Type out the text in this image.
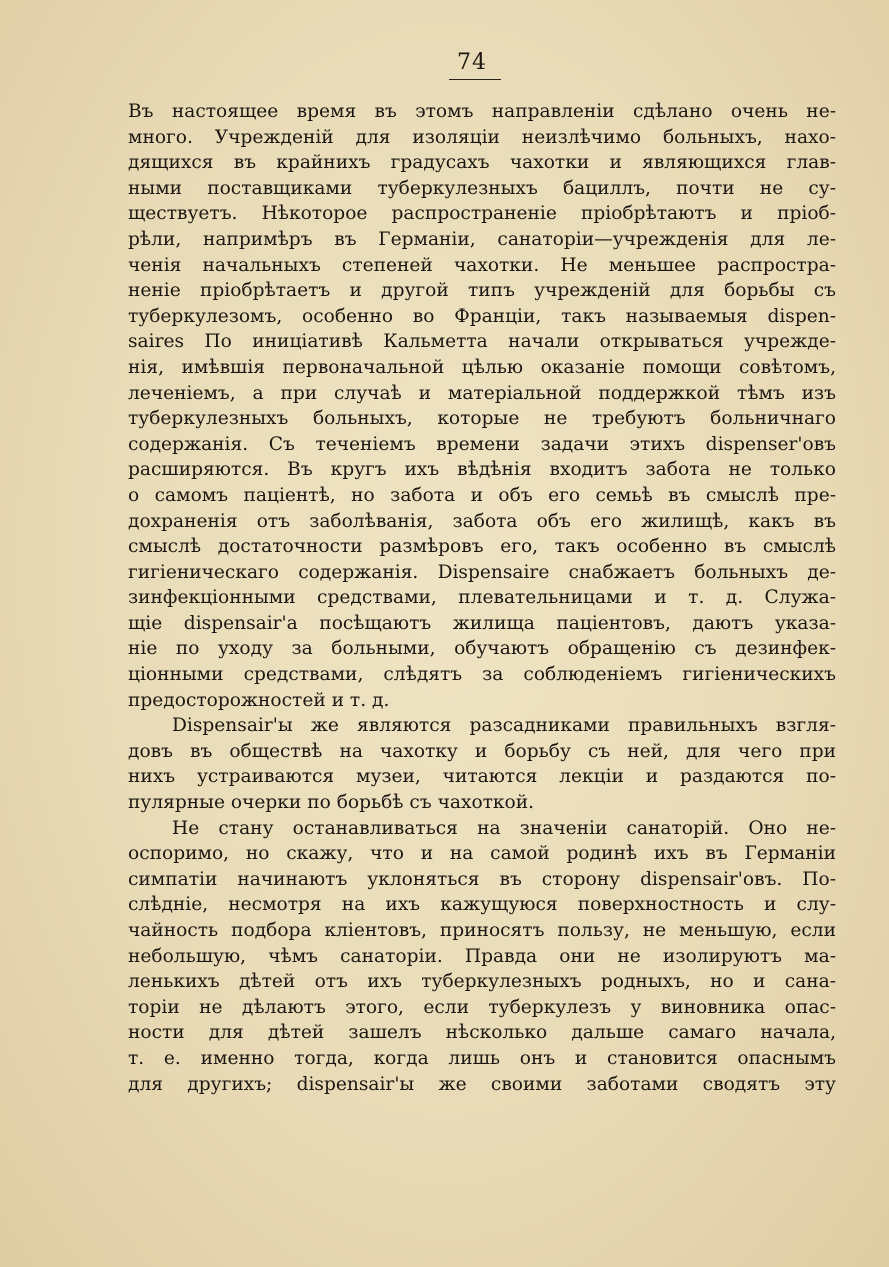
74
Въ настоящее время въ этомъ направленіи сдѣлано очень не-
много. Учрежденій для изоляціи неизлѣчимо больныхъ, нахо-
дящихся въ крайнихъ градусахъ чахотки и являющихся глав-
ными поставщиками туберкулезныхъ бациллъ, почти не су-
ществуетъ. Нѣкоторое распространеніе пріобрѣтаютъ и пріоб-
рѣли, напримѣръ въ Германіи, санаторіи—учрежденія для ле-
ченія начальныхъ степеней чахотки. Не меньшее распростра-
неніе пріобрѣтаетъ и другой типъ учрежденій для борьбы съ
туберкулезомъ, особенно во Франціи, такъ называемыя dispen-
saires По иниціативѣ Кальметта начали открываться учрежде-
нія, имѣвшія первоначальной цѣлью оказаніе помощи совѣтомъ,
леченіемъ, а при случаѣ и матеріальной поддержкой тѣмъ изъ
туберкулезныхъ больныхъ, которые не требуютъ больничнаго
содержанія. Съ теченіемъ времени задачи этихъ dispenser'овъ
расширяются. Въ кругъ ихъ вѣдѣнія входитъ забота не только
о самомъ паціентѣ, но забота и объ его семьѣ въ смыслѣ пре-
дохраненія отъ заболѣванія, забота объ его жилищѣ, какъ въ
смыслѣ достаточности размѣровъ его, такъ особенно въ смыслѣ
гигіеническаго содержанія. Dispensaire снабжаетъ больныхъ де-
зинфекціонными средствами, плевательницами и т. д. Служа-
щіе dispensair'а посѣщаютъ жилища паціентовъ, даютъ указа-
ніе по уходу за больными, обучаютъ обращенію съ дезинфек-
ціонными средствами, слѣдятъ за соблюденіемъ гигіеническихъ
предосторожностей и т. д.
Dispensair'ы же являются разсадниками правильныхъ взгля-
довъ въ обществѣ на чахотку и борьбу съ ней, для чего при
нихъ устраиваются музеи, читаются лекціи и раздаются по-
пулярные очерки по борьбѣ съ чахоткой.
Не стану останавливаться на значеніи санаторій. Оно не-
оспоримо, но скажу, что и на самой родинѣ ихъ въ Германіи
симпатіи начинаютъ уклоняться въ сторону dispensair'овъ. По-
слѣдніе, несмотря на ихъ кажущуюся поверхностность и слу-
чайность подбора кліентовъ, приносятъ пользу, не меньшую, если
небольшую, чѣмъ санаторіи. Правда они не изолируютъ ма-
ленькихъ дѣтей отъ ихъ туберкулезныхъ родныхъ, но и сана-
торіи не дѣлаютъ этого, если туберкулезъ у виновника опас-
ности для дѣтей зашелъ нѣсколько дальше самаго начала,
т. е. именно тогда, когда лишь онъ и становится опаснымъ
для другихъ; dispensair'ы же своими заботами сводятъ эту
